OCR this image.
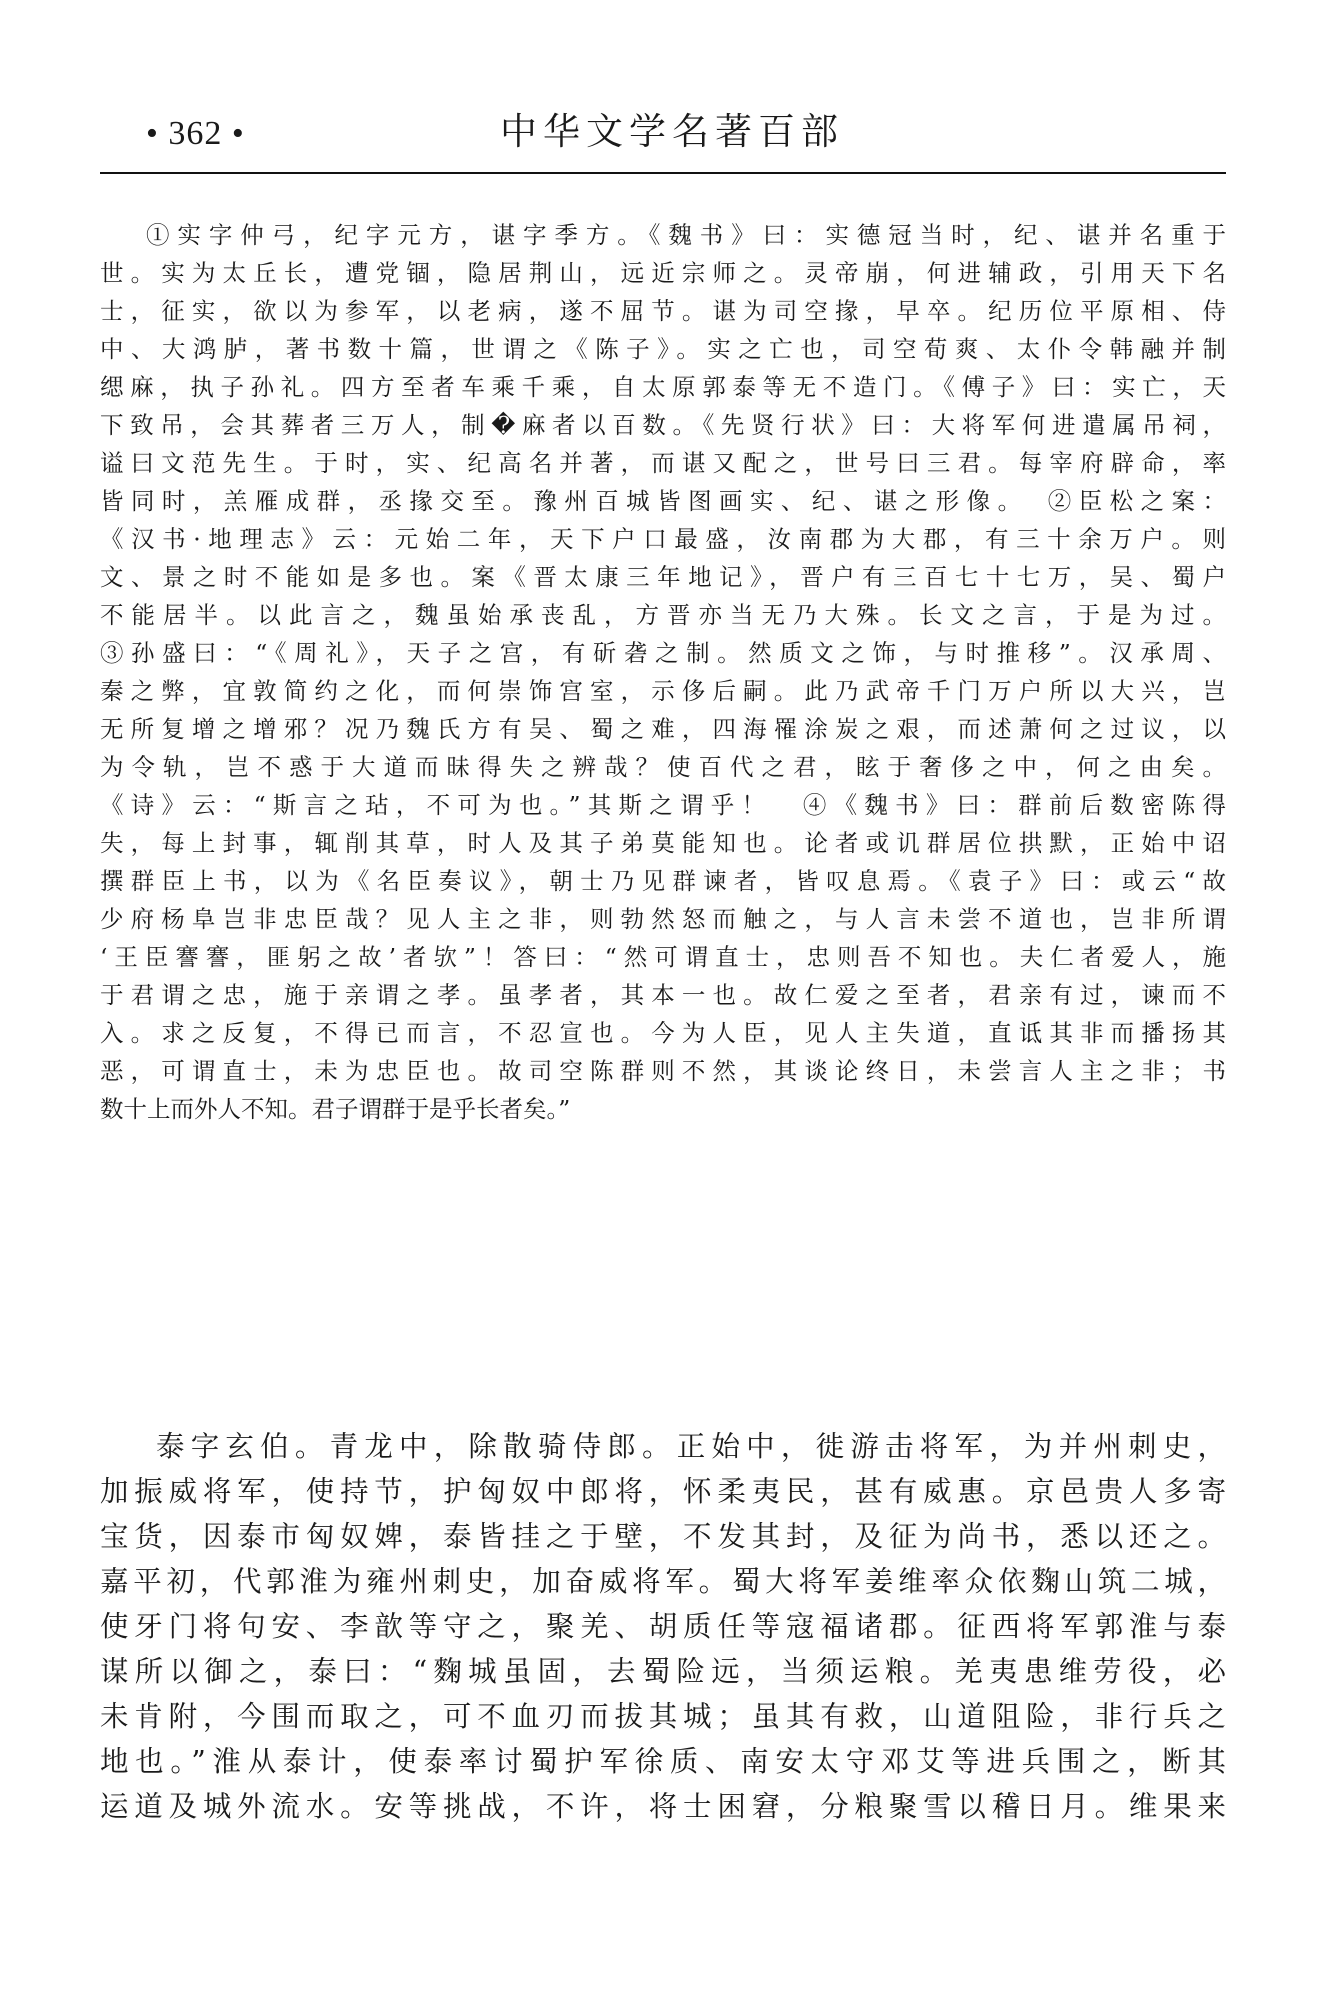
• 362 •	中华文学名著百部
①实字仲弓，纪字元方，谌字季方。《魏书》曰：实德冠当时，纪、谌并名重于
世。实为太丘长，遭党锢，隐居荆山，远近宗师之。灵帝崩，何进辅政，引用天下名
士，征实，欲以为参军，以老病，遂不屈节。谌为司空掾，早卒。纪历位平原相、侍
中、大鸿胪，著书数十篇，世谓之《陈子》。实之亡也，司空荀爽、太仆令韩融并制
缌麻，执子孙礼。四方至者车乘千乘，自太原郭泰等无不造门。《傅子》曰：实亡，天
下致吊，会其葬者三万人，制�麻者以百数。《先贤行状》曰：大将军何进遣属吊祠，
谥曰文范先生。于时，实、纪高名并著，而谌又配之，世号曰三君。每宰府辟命，率
皆同时，羔雁成群，丞掾交至。豫州百城皆图画实、纪、谌之形像。　②臣松之案：
《汉书·地理志》云：元始二年，天下户口最盛，汝南郡为大郡，有三十余万户。则
文、景之时不能如是多也。案《晋太康三年地记》，晋户有三百七十七万，吴、蜀户
不能居半。以此言之，魏虽始承丧乱，方晋亦当无乃大殊。长文之言，于是为过。
③孙盛曰：“《周礼》，天子之宫，有斫砻之制。然质文之饰，与时推移”。汉承周、
秦之弊，宜敦简约之化，而何崇饰宫室，示侈后嗣。此乃武帝千门万户所以大兴，岂
无所复增之增邪？况乃魏氏方有吴、蜀之难，四海罹涂炭之艰，而述萧何之过议，以
为令轨，岂不惑于大道而昧得失之辨哉？使百代之君，眩于奢侈之中，何之由矣。
《诗》云：“斯言之玷，不可为也。”其斯之谓乎！　④《魏书》曰：群前后数密陈得
失，每上封事，辄削其草，时人及其子弟莫能知也。论者或讥群居位拱默，正始中诏
撰群臣上书，以为《名臣奏议》，朝士乃见群谏者，皆叹息焉。《袁子》曰：或云“故
少府杨阜岂非忠臣哉？见人主之非，则勃然怒而触之，与人言未尝不道也，岂非所谓
‘王臣謇謇，匪躬之故’者欤”！答曰：“然可谓直士，忠则吾不知也。夫仁者爱人，施
于君谓之忠，施于亲谓之孝。虽孝者，其本一也。故仁爱之至者，君亲有过，谏而不
入。求之反复，不得已而言，不忍宣也。今为人臣，见人主失道，直诋其非而播扬其
恶，可谓直士，未为忠臣也。故司空陈群则不然，其谈论终日，未尝言人主之非；书
数十上而外人不知。君子谓群于是乎长者矣。”
泰字玄伯。青龙中，除散骑侍郎。正始中，徙游击将军，为并州刺史，
加振威将军，使持节，护匈奴中郎将，怀柔夷民，甚有威惠。京邑贵人多寄
宝货，因泰市匈奴婢，泰皆挂之于壁，不发其封，及征为尚书，悉以还之。
嘉平初，代郭淮为雍州刺史，加奋威将军。蜀大将军姜维率众依麴山筑二城，
使牙门将句安、李歆等守之，聚羌、胡质任等寇福诸郡。征西将军郭淮与泰
谋所以御之，泰曰：“麴城虽固，去蜀险远，当须运粮。羌夷患维劳役，必
未肯附，今围而取之，可不血刃而拔其城；虽其有救，山道阻险，非行兵之
地也。”淮从泰计，使泰率讨蜀护军徐质、南安太守邓艾等进兵围之，断其
运道及城外流水。安等挑战，不许，将士困窘，分粮聚雪以稽日月。维果来
